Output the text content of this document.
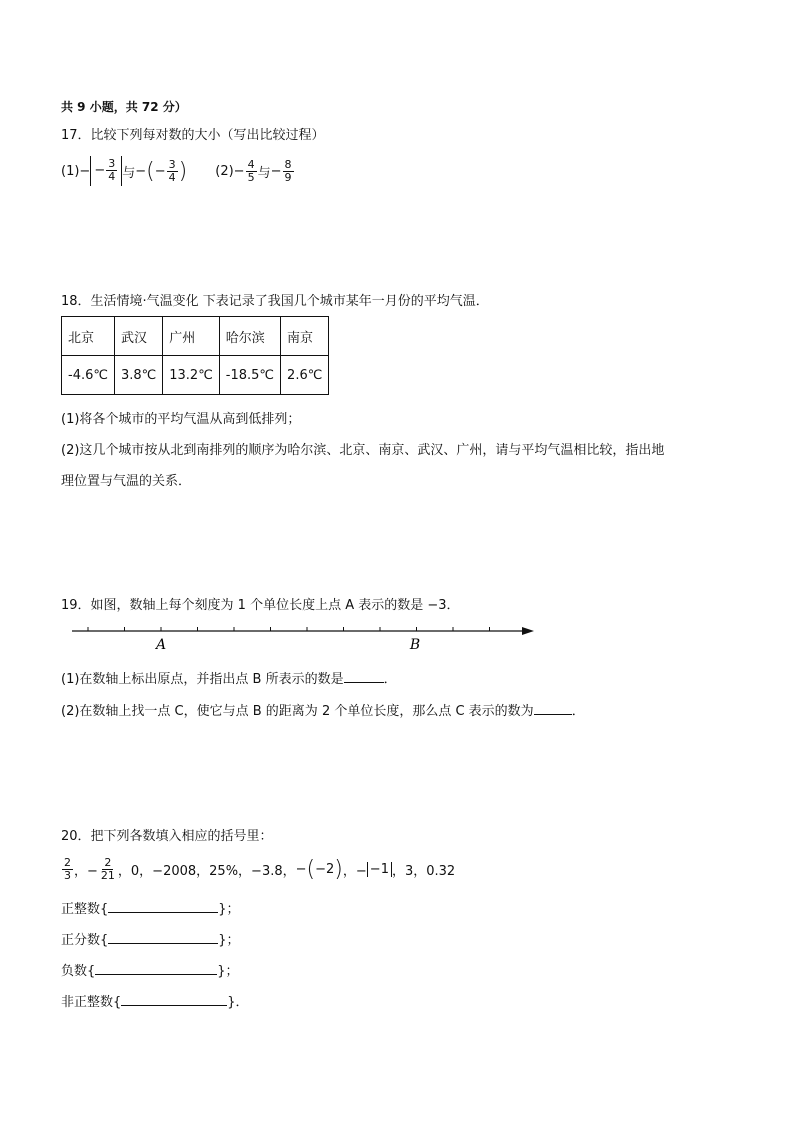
共 9 小题，共 72 分）
17．比较下列每对数的大小（写出比较过程）
(1) − − $\frac{3}{4}$ 与 − ( − $\frac{3}{4}$ ) $(2) - \frac{4}{5}$ 与 − $\frac{8}{9}$
18．生活情境·气温变化 下表记录了我国几个城市某年一月份的平均气温．
北京	武汉	广州	哈尔滨	南京
-4.6℃	3.8℃	13.2℃	-18.5℃	2.6℃
(1)将各个城市的平均气温从高到低排列；
(2)这几个城市按从北到南排列的顺序为哈尔滨、北京、南京、武汉、广州，请与平均气温相比较，指出地
理位置与气温的关系．
19．如图，数轴上每个刻度为 1 个单位长度上点 A 表示的数是 −3．
A	B
(1)在数轴上标出原点，并指出点 B 所表示的数是	．
(2)在数轴上找一点 C，使它与点 B 的距离为 2 个单位长度，那么点 C 表示的数为	．
20．把下列各数填入相应的括号里：
$\frac{2}{3}$ ，− $\frac{2}{21}$ ，0，−2008，25%，−3.8， − ( −2 ) ，− −1 ，3，0.32
正整数{	}；
正分数{	}；
负数{	}；
非正整数{	}．
